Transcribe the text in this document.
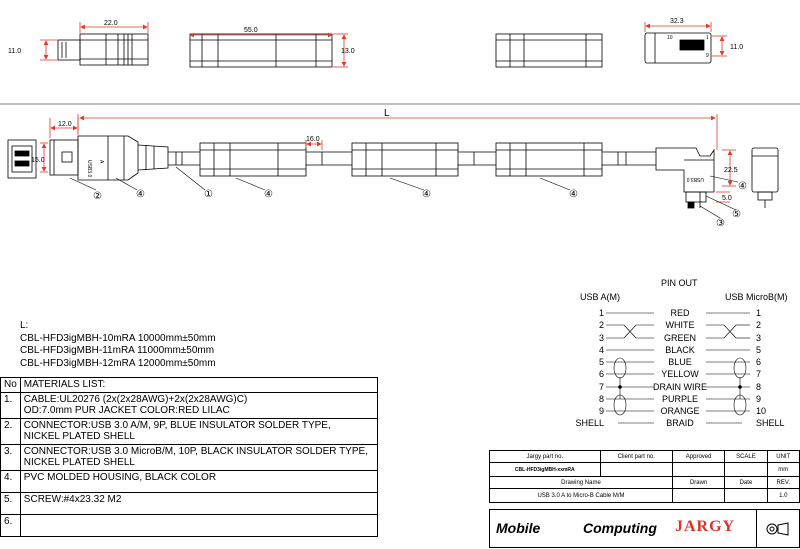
22.0
11.0
55.0
13.0
32.3
11.0
10	1
9
L
12.0
15.0
16.0
22.5
5.0
USB3.0 A
USB3.0
②	④	①	④	④	④
④
⑤
③
PIN OUT
USB A(M)	USB MicroB(M)
1	RED	1
2	WHITE	2
3	GREEN	3
4	BLACK	5
5	BLUE	6
6	YELLOW	7
7	DRAIN WIRE	8
8	PURPLE	9
9	ORANGE	10
SHELL	BRAID	SHELL
L:
CBL-HFD3igMBH-10mRA 10000mm±50mm
CBL-HFD3igMBH-11mRA 11000mm±50mm
CBL-HFD3igMBH-12mRA 12000mm±50mm
No	MATERIALS LIST:
1.	CABLE:UL20276 (2x(2x28AWG)+2x(2x28AWG)C)
OD:7.0mm PUR JACKET COLOR:RED LILAC

2.	CONNECTOR:USB 3.0 A/M, 9P, BLUE INSULATOR SOLDER TYPE,
NICKEL PLATED SHELL

3.	CONNECTOR:USB 3.0 MicroB/M, 10P, BLACK INSULATOR SOLDER TYPE,
NICKEL PLATED SHELL

4.	PVC MOLDED HOUSING, BLACK COLOR
5.	SCREW:#4x23.32 M2
6.	
Jargy part no.	Client part no.	Approved	SCALE	UNIT
CBL-HFD3igMBH-xxmRA				mm
Drawing Name		Drawn	Date	REV.
USB 3.0 A to Micro-B Cable M/M				1.0
Mobile	Computing JARGY
